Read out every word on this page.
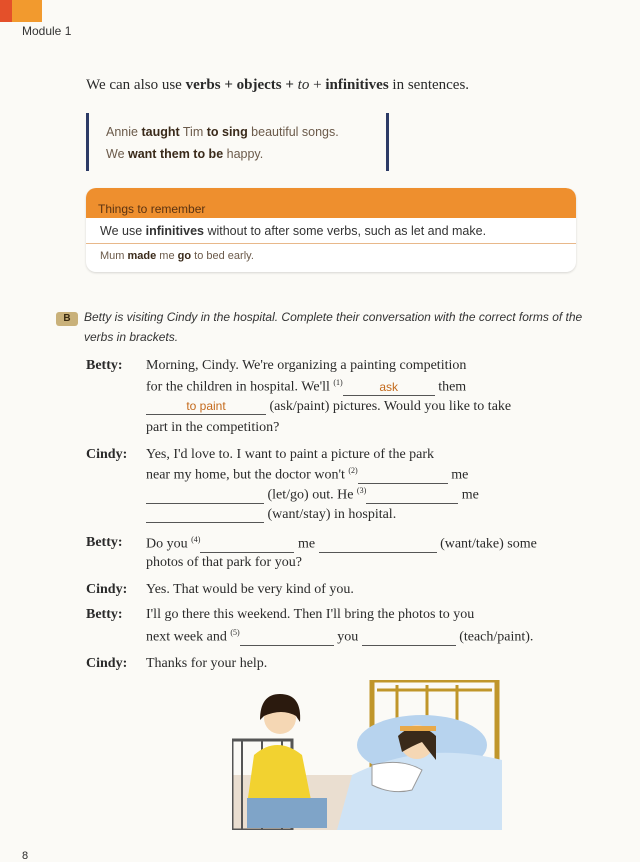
Module 1
We can also use verbs + objects + to + infinitives in sentences.
Annie taught Tim to sing beautiful songs.
We want them to be happy.
Things to remember
We use infinitives without to after some verbs, such as let and make.
Mum made me go to bed early.
B	Betty is visiting Cindy in the hospital. Complete their conversation with the correct forms of the verbs in brackets.
Betty: Morning, Cindy. We're organizing a painting competition
for the children in hospital. We'll $^{(1)}$	ask	them
to paint	(ask/paint) pictures. Would you like to take
part in the competition?
Cindy: Yes, I'd love to. I want to paint a picture of the park
near my home, but the doctor won't $^{(2)}$	me
(let/go) out. He $^{(3)}$	me
(want/stay) in hospital.
Betty: Do you $^{(4)}$	me	(want/take) some
photos of that park for you?
Cindy: Yes. That would be very kind of you.
Betty: I'll go there this weekend. Then I'll bring the photos to you
next week and $^{(5)}$	you	(teach/paint).
Cindy: Thanks for your help.
8
